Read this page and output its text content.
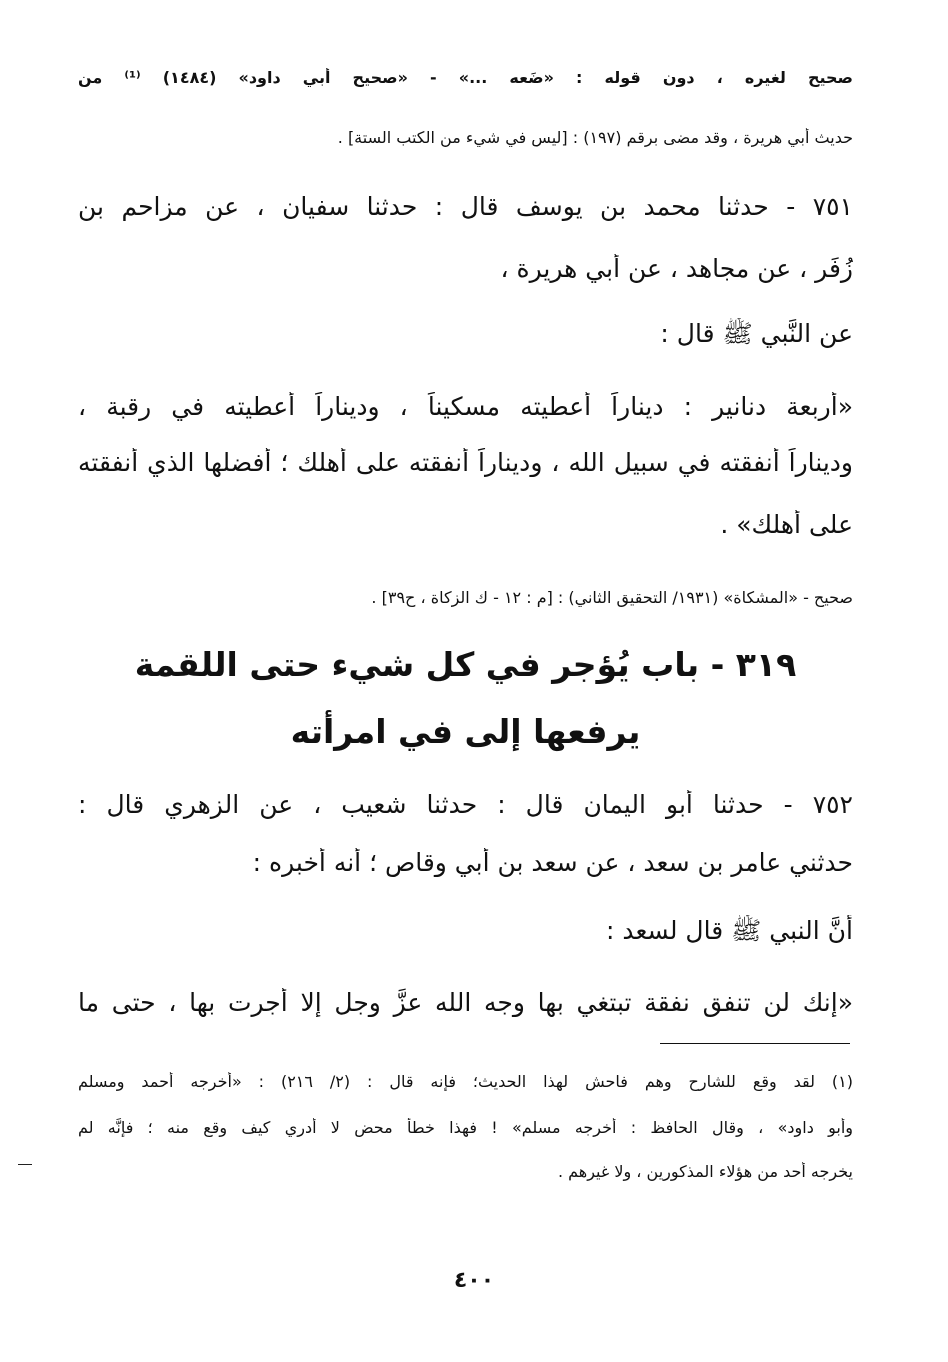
صحيح لغيره ، دون قوله : «ضَعه ...» - «صحيح أبي داود» (١٤٨٤) ⁽¹⁾ من
حديث أبي هريرة ، وقد مضى برقم (١٩٧) : [ليس في شيء من الكتب الستة] .
٧٥١ - حدثنا محمد بن يوسف قال : حدثنا سفيان ، عن مزاحم بن
زُفَر ، عن مجاهد ، عن أبي هريرة ،
عن النَّبي ﷺ قال :
«أربعة دنانير : ديناراً أعطيته مسكيناً ، وديناراً أعطيته في رقبة ،
وديناراً أنفقته في سبيل الله ، وديناراً أنفقته على أهلك ؛ أفضلها الذي أنفقته
على أهلك» .
صحيح - «المشكاة» (١٩٣١/ التحقيق الثاني) : [م : ١٢ - ك الزكاة ، ح٣٩] .
٣١٩ - باب يُؤجر في كل شيء حتى اللقمة
يرفعها إلى في امرأته
٧٥٢ - حدثنا أبو اليمان قال : حدثنا شعيب ، عن الزهري قال :
حدثني عامر بن سعد ، عن سعد بن أبي وقاص ؛ أنه أخبره :
أنَّ النبي ﷺ قال لسعد :
«إنك لن تنفق نفقة تبتغي بها وجه الله عزَّ وجل إلا أجرت بها ، حتى ما
(١) لقد وقع للشارح وهم فاحش لهذا الحديث؛ فإنه قال : (٢/ ٢١٦) : «أخرجه أحمد ومسلم
وأبو داود» ، وقال الحافظ : أخرجه مسلم» ! فهذا خطأ محض لا أدري كيف وقع منه ؛ فإنَّه لم
يخرجه أحد من هؤلاء المذكورين ، ولا غيرهم .
٤٠٠
